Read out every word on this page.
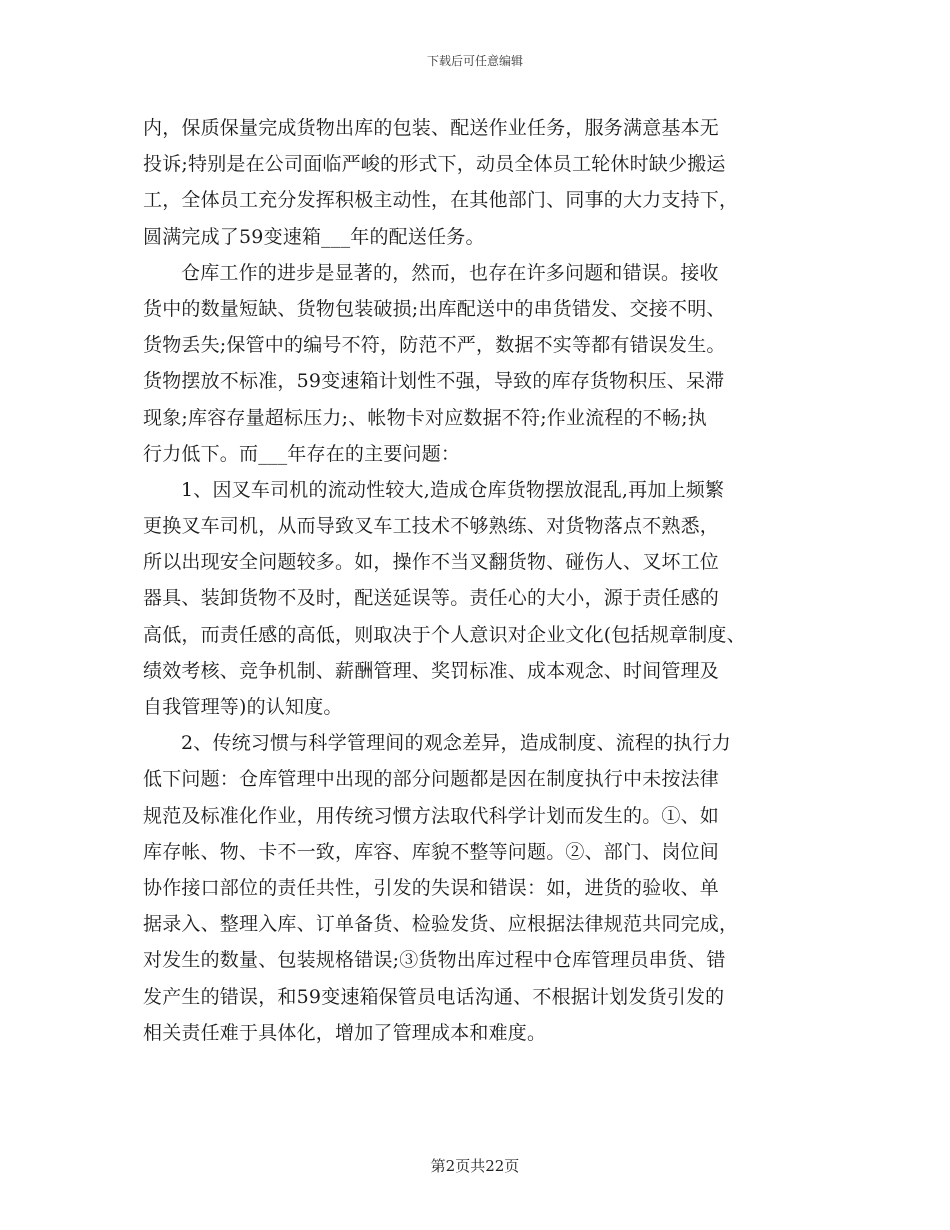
下载后可任意编辑
内，保质保量完成货物出库的包装、配送作业任务，服务满意基本无
投诉;特别是在公司面临严峻的形式下，动员全体员工轮休时缺少搬运
工，全体员工充分发挥积极主动性，在其他部门、同事的大力支持下，
圆满完成了59变速箱___年的配送任务。
仓库工作的进步是显著的，然而，也存在许多问题和错误。接收
货中的数量短缺、货物包装破损;出库配送中的串货错发、交接不明、
货物丢失;保管中的编号不符，防范不严，数据不实等都有错误发生。
货物摆放不标准，59变速箱计划性不强，导致的库存货物积压、呆滞
现象;库容存量超标压力;、帐物卡对应数据不符;作业流程的不畅;执
行力低下。而___年存在的主要问题：
1、因叉车司机的流动性较大,造成仓库货物摆放混乱,再加上频繁
更换叉车司机，从而导致叉车工技术不够熟练、对货物落点不熟悉，
所以出现安全问题较多。如，操作不当叉翻货物、碰伤人、叉坏工位
器具、装卸货物不及时，配送延误等。责任心的大小，源于责任感的
高低，而责任感的高低，则取决于个人意识对企业文化(包括规章制度、
绩效考核、竞争机制、薪酬管理、奖罚标准、成本观念、时间管理及
自我管理等)的认知度。
2、传统习惯与科学管理间的观念差异，造成制度、流程的执行力
低下问题：仓库管理中出现的部分问题都是因在制度执行中未按法律
规范及标准化作业，用传统习惯方法取代科学计划而发生的。①、如
库存帐、物、卡不一致，库容、库貌不整等问题。②、部门、岗位间
协作接口部位的责任共性，引发的失误和错误：如，进货的验收、单
据录入、整理入库、订单备货、检验发货、应根据法律规范共同完成，
对发生的数量、包装规格错误;③货物出库过程中仓库管理员串货、错
发产生的错误，和59变速箱保管员电话沟通、不根据计划发货引发的
相关责任难于具体化，增加了管理成本和难度。
第2页共22页
